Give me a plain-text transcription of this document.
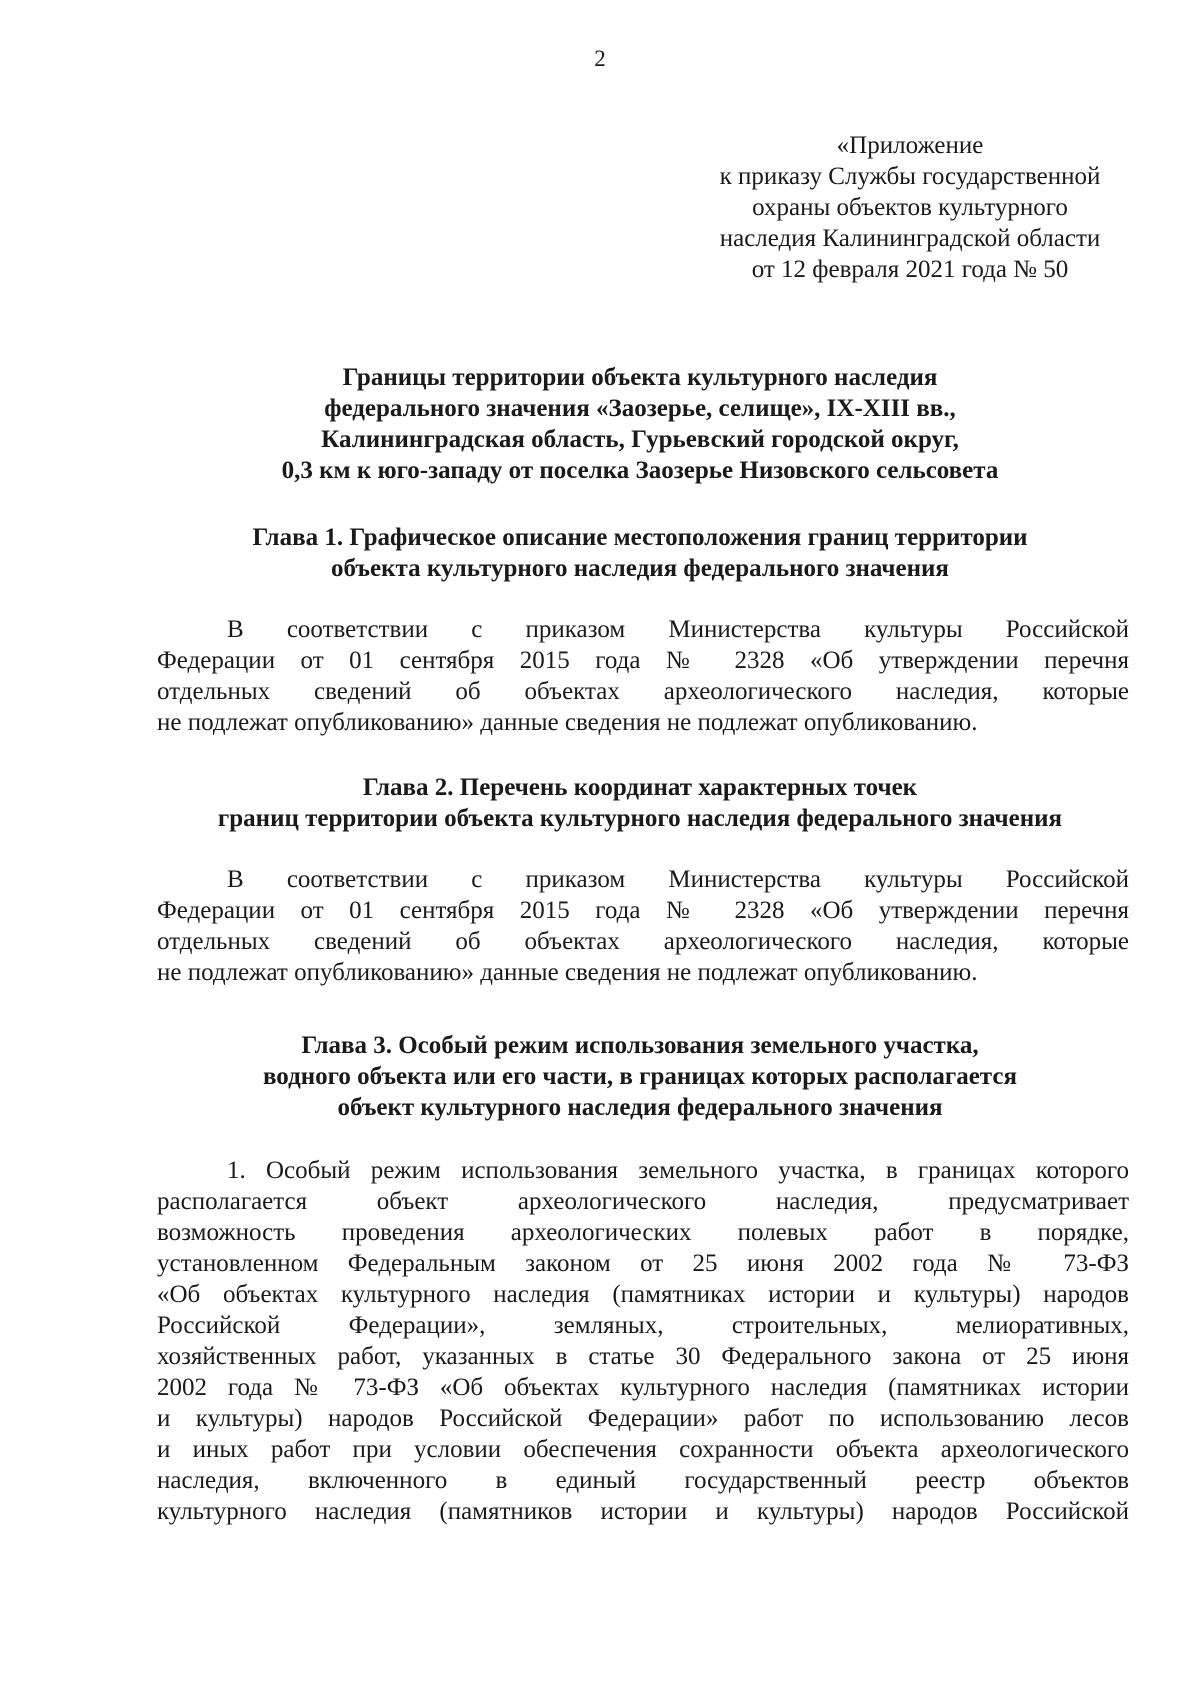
2
«Приложение
к приказу Службы государственной
охраны объектов культурного
наследия Калининградской области
от 12 февраля 2021 года № 50
Границы территории объекта культурного наследия
федерального значения «Заозерье, селище», IX-XIII вв.,
Калининградская область, Гурьевский городской округ,
0,3 км к юго-западу от поселка Заозерье Низовского сельсовета
Глава 1. Графическое описание местоположения границ территории
объекта культурного наследия федерального значения
В соответствии с приказом Министерства культуры Российской
Федерации от 01 сентября 2015 года № 2328 «Об утверждении перечня
отдельных сведений об объектах археологического наследия, которые
не подлежат опубликованию» данные сведения не подлежат опубликованию.
Глава 2. Перечень координат характерных точек
границ территории объекта культурного наследия федерального значения
В соответствии с приказом Министерства культуры Российской
Федерации от 01 сентября 2015 года № 2328 «Об утверждении перечня
отдельных сведений об объектах археологического наследия, которые
не подлежат опубликованию» данные сведения не подлежат опубликованию.
Глава 3. Особый режим использования земельного участка,
водного объекта или его части, в границах которых располагается
объект культурного наследия федерального значения
1. Особый режим использования земельного участка, в границах которого
располагается объект археологического наследия, предусматривает
возможность проведения археологических полевых работ в порядке,
установленном Федеральным законом от 25 июня 2002 года № 73-ФЗ
«Об объектах культурного наследия (памятниках истории и культуры) народов
Российской Федерации», земляных, строительных, мелиоративных,
хозяйственных работ, указанных в статье 30 Федерального закона от 25 июня
2002 года № 73-ФЗ «Об объектах культурного наследия (памятниках истории
и культуры) народов Российской Федерации» работ по использованию лесов
и иных работ при условии обеспечения сохранности объекта археологического
наследия, включенного в единый государственный реестр объектов
культурного наследия (памятников истории и культуры) народов Российской
